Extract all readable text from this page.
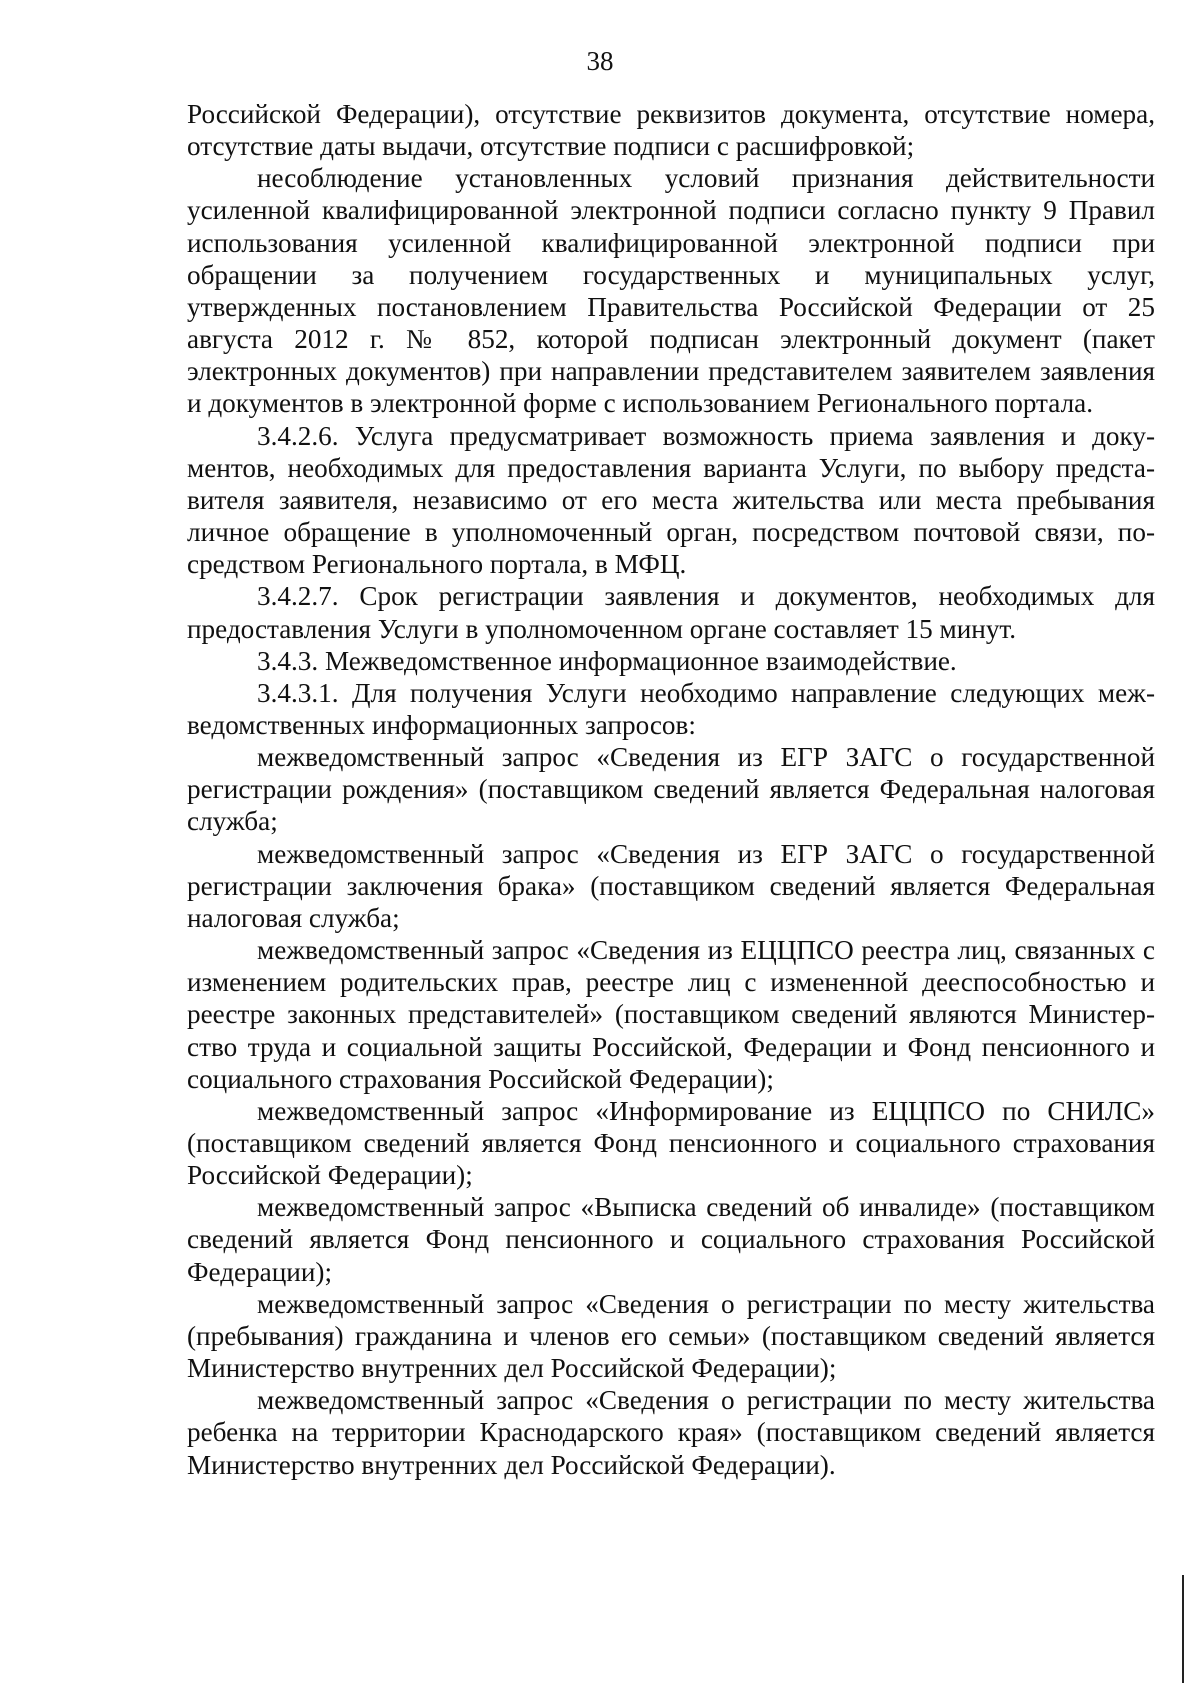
38

Российской Федерации), отсутствие реквизитов документа, отсутствие номера, отсутствие даты выдачи, отсутствие подписи с расшифровкой;

несоблюдение установленных условий признания действительности усиленной квалифицированной электронной подписи согласно пункту 9 Правил использования усиленной квалифицированной электронной подписи при обращении за получением государственных и муниципальных услуг, утвержденных постановлением Правительства Российской Федерации от 25 августа 2012 г. № 852, которой подписан электронный документ (пакет электронных документов) при направлении представителем заявителем заявления и документов в электронной форме с использованием Регионального портала.

3.4.2.6. Услуга предусматривает возможность приема заявления и документов, необходимых для предоставления варианта Услуги, по выбору представителя заявителя, независимо от его места жительства или места пребывания личное обращение в уполномоченный орган, посредством почтовой связи, посредством Регионального портала, в МФЦ.

3.4.2.7. Срок регистрации заявления и документов, необходимых для предоставления Услуги в уполномоченном органе составляет 15 минут.

3.4.3. Межведомственное информационное взаимодействие.

3.4.3.1. Для получения Услуги необходимо направление следующих межведомственных информационных запросов:

межведомственный запрос «Сведения из ЕГР ЗАГС о государственной регистрации рождения» (поставщиком сведений является Федеральная налоговая служба;

межведомственный запрос «Сведения из ЕГР ЗАГС о государственной регистрации заключения брака» (поставщиком сведений является Федеральная налоговая служба;

межведомственный запрос «Сведения из ЕЦЦПСО реестра лиц, связанных с изменением родительских прав, реестре лиц с измененной дееспособностью и реестре законных представителей» (поставщиком сведений являются Министерство труда и социальной защиты Российской, Федерации и Фонд пенсионного и социального страхования Российской Федерации);

межведомственный запрос «Информирование из ЕЦЦПСО по СНИЛС» (поставщиком сведений является Фонд пенсионного и социального страхования Российской Федерации);

межведомственный запрос «Выписка сведений об инвалиде» (поставщиком сведений является Фонд пенсионного и социального страхования Российской Федерации);

межведомственный запрос «Сведения о регистрации по месту жительства (пребывания) гражданина и членов его семьи» (поставщиком сведений является Министерство внутренних дел Российской Федерации);

межведомственный запрос «Сведения о регистрации по месту жительства ребенка на территории Краснодарского края» (поставщиком сведений является Министерство внутренних дел Российской Федерации).
